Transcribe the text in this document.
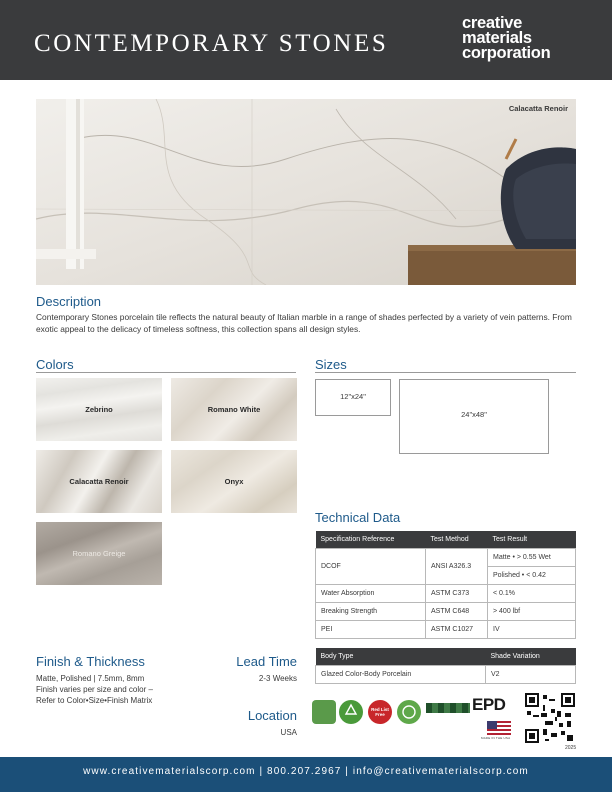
CONTEMPORARY STONES
creative
materials
corporation
Calacatta Renoir
Description
Contemporary Stones porcelain tile reflects the natural beauty of Italian marble in a range of shades perfected by a variety of vein patterns. From exotic appeal to the delicacy of timeless softness, this collection spans all design styles.
Colors
Zebrino	Romano White
Calacatta Renoir	Onyx
Romano Greige
Sizes
12"x24"
24"x48"
Technical Data
Specification Reference	Test Method	Test Result
DCOF	ANSI A326.3	Matte • > 0.55 Wet
		Polished • < 0.42
Water Absorption	ASTM C373	< 0.1%
Breaking Strength	ASTM C648	> 400 lbf
PEI	ASTM C1027	IV
Body Type	Shade Variation
Glazed Color-Body Porcelain	V2
Finish & Thickness
Matte, Polished | 7.5mm, 8mm
Finish varies per size and color –
Refer to Color•Size•Finish Matrix
Lead Time
2-3 Weeks
Location
USA
Red List Free
EPD
MADE IN THE USA
2025
www.creativematerialscorp.com | 800.207.2967 | info@creativematerialscorp.com
